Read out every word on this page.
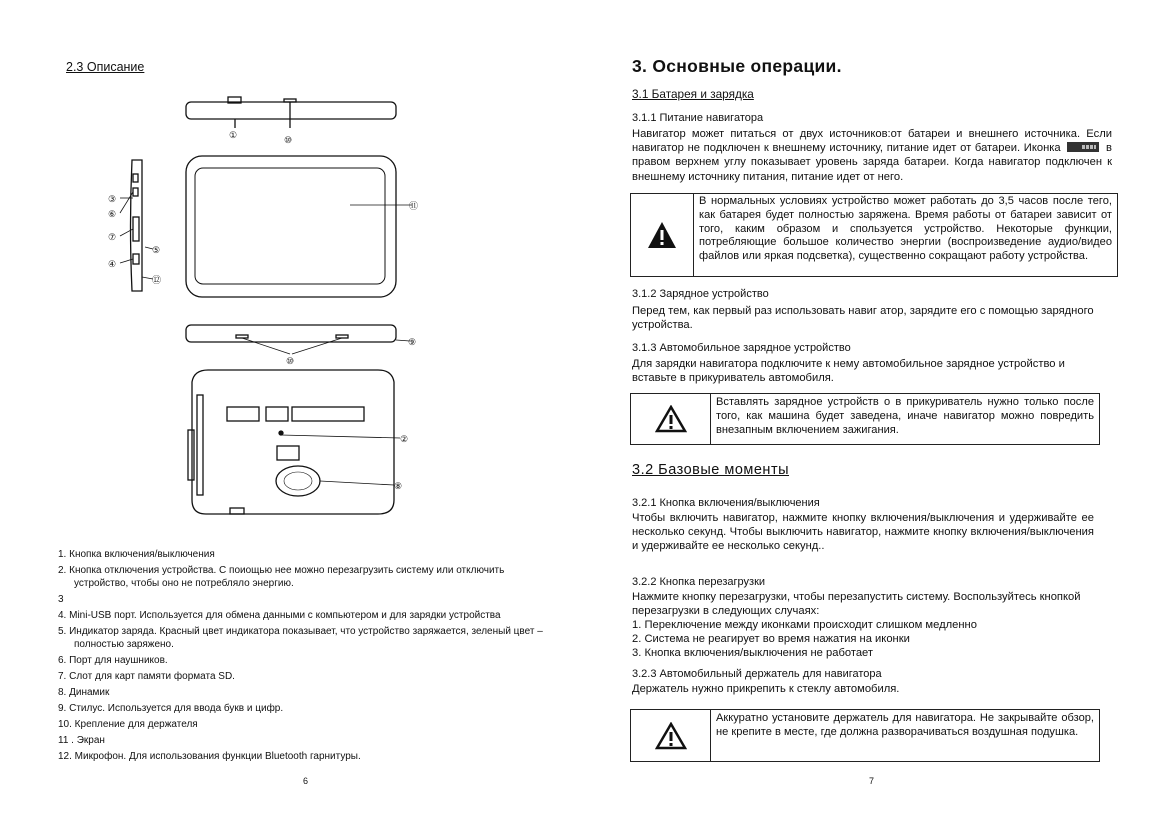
2.3 Описание
①	⑩
⑪
③
⑥
⑦
⑤
④
⑫
⑨
⑩
②
⑧
1. Кнопка включения/выключения
2. Кнопка отключения устройства. С поиощью нее можно перезагрузить систему или отключить устройство, чтобы оно не потребляло энергию.
3
4. Mini-USB порт. Используется для обмена данными с компьютером и для зарядки устройства
5. Индикатор заряда. Красный цвет индикатора показывает, что устройство заряжается, зеленый цвет – полностью заряжено.
6. Порт для наушников.
7. Слот для карт памяти формата SD.
8. Динамик
9. Стилус. Используется для ввода букв и цифр.
10. Крепление для держателя
11 . Экран
12. Микрофон. Для использования функции Bluetooth гарнитуры.
6
3. Основные операции.
3.1 Батарея и зарядка
3.1.1 Питание навигатора
Навигатор может питаться от двух источников:от батареи и внешнего источника. Если навигатор не подключен к внешнему источнику, питание идет от батареи. Иконка	в правом верхнем углу показывает уровень заряда батареи. Когда навигатор подключен к внешнему источнику питания, питание идет от него.
В нормальных условиях устройство может работать до 3,5 часов после тего, как батарея будет полностью заряжена. Время работы от батареи зависит от того, каким образом и спользуется устройство. Некоторые функции, потребляющие большое количество энергии (воспроизведение аудио/видео файлов или яркая подсветка), существенно сокращают работу устройства.
3.1.2 Зарядное устройство
Перед тем, как первый раз использовать навиг атор, зарядите его с помощью зарядного устройства.
3.1.3 Автомобильное зарядное устройство
Для зарядки навигатора подключите к нему автомобильное зарядное устройство и вставьте в прикуриватель автомобиля.
Вставлять зарядное устройств о в прикуриватель нужно только после того, как машина будет заведена, иначе навигатор можно повредить внезапным включением зажигания.
3.2 Базовые моменты
3.2.1 Кнопка включения/выключения
Чтобы включить навигатор, нажмите кнопку включения/выключения и удерживайте ее несколько секунд. Чтобы выключить навигатор, нажмите кнопку включения/выключения и удерживайте ее несколько секунд..
3.2.2 Кнопка перезагрузки
Нажмите кнопку перезагрузки, чтобы перезапустить систему. Воспользуйтесь кнопкой перезагрузки в следующих случаях:
1. Переключение между иконками происходит слишком медленно
2. Система не реагирует во время нажатия на иконки
3. Кнопка включения/выключения не работает
3.2.3 Автомобильный держатель для навигатора
Держатель нужно прикрепить к стеклу автомобиля.
Аккуратно установите держатель для навигатора. Не закрывайте обзор, не крепите в месте, где должна разворачиваться воздушная подушка.
7
